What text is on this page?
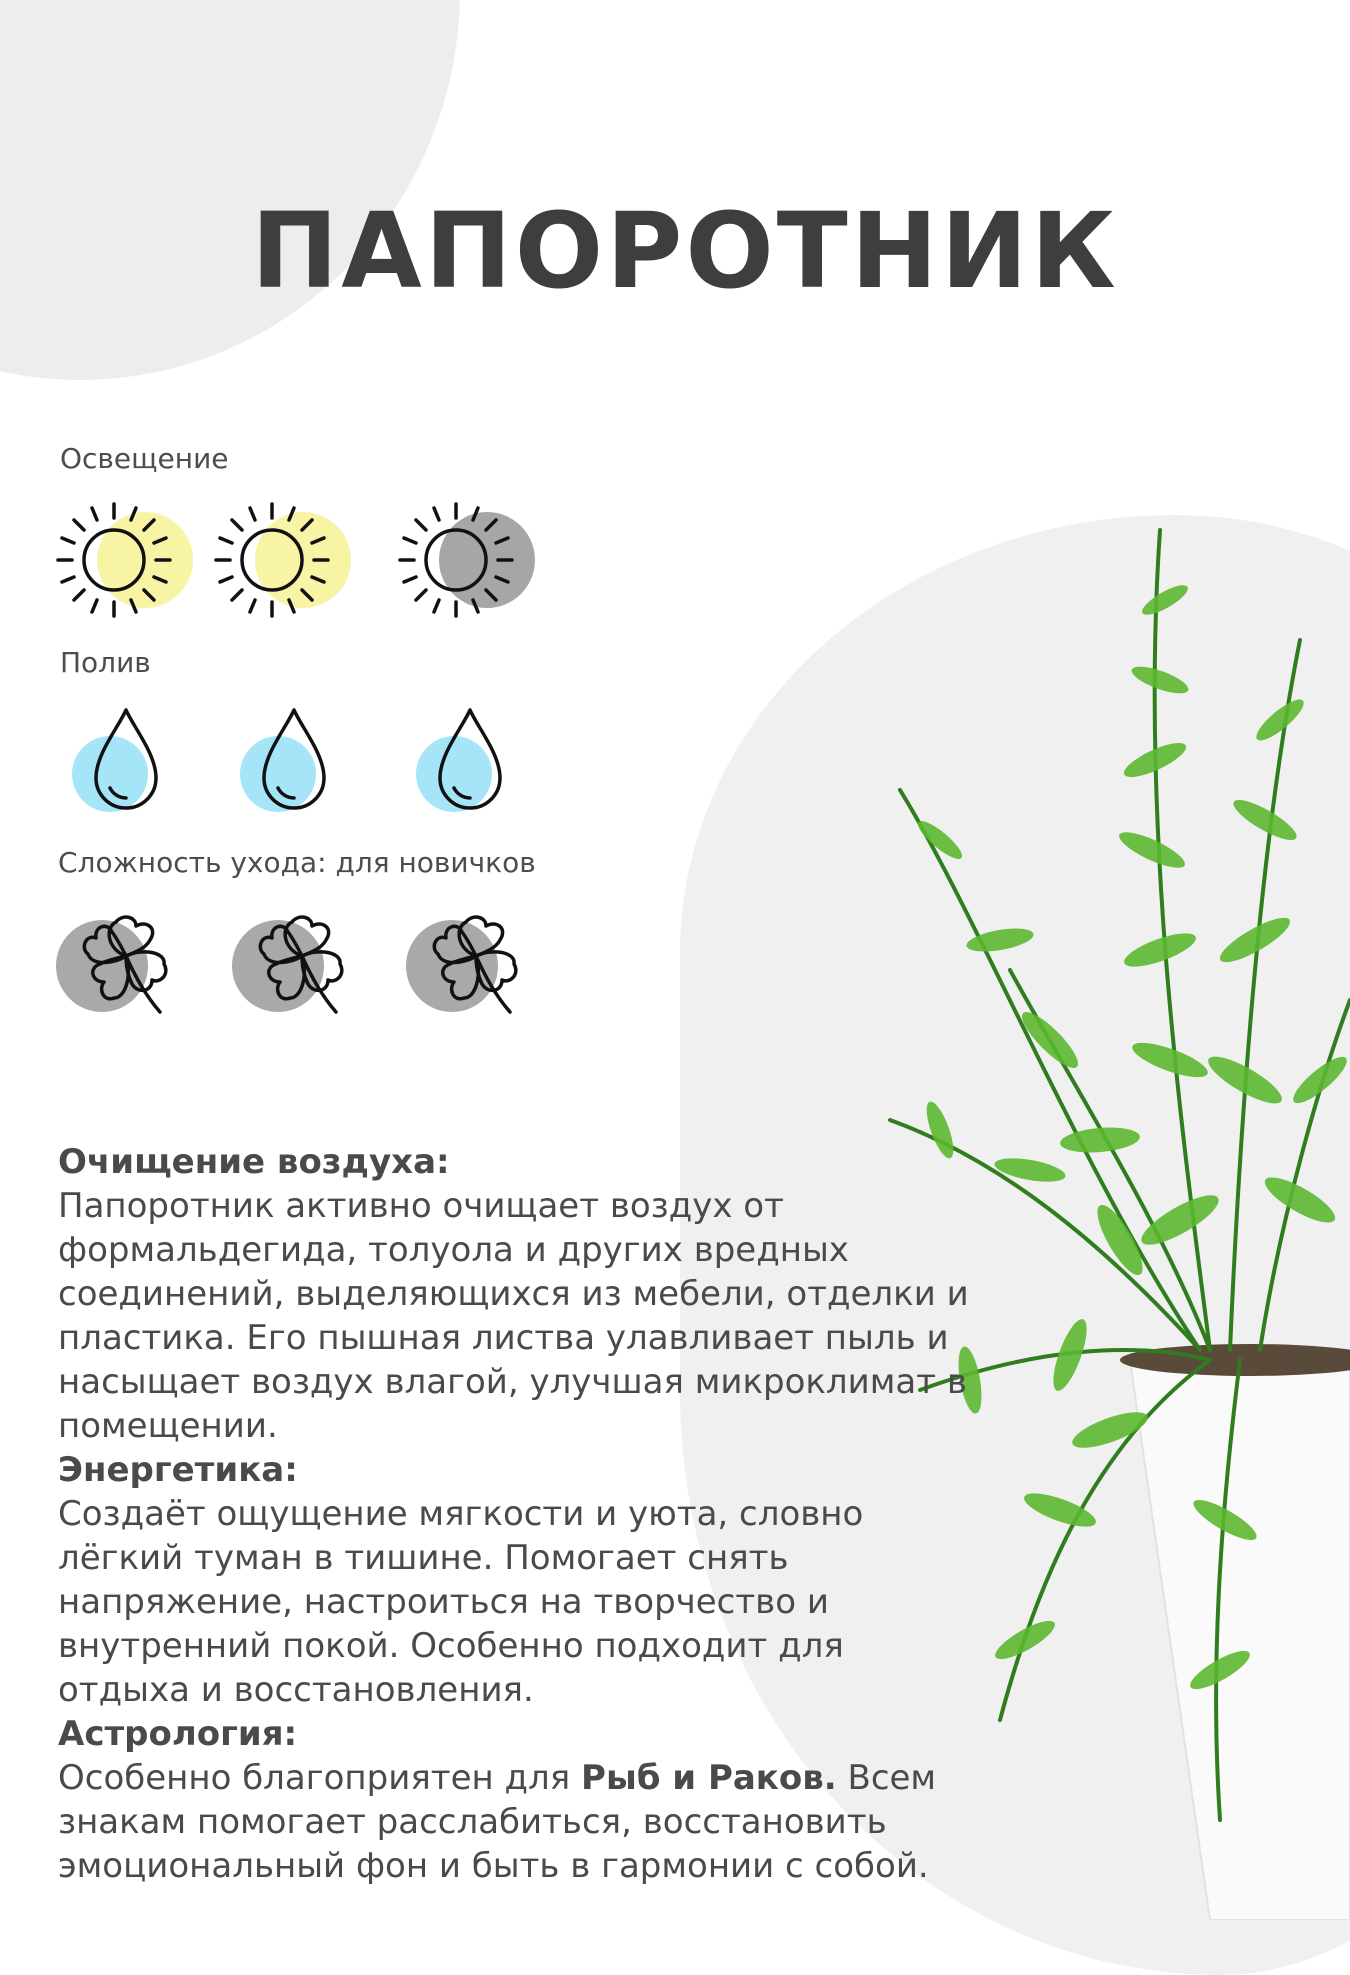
ПАПОРОТНИК
Освещение
Полив
Сложность ухода: для новичков
Очищение воздуха:

Папоротник активно очищает воздух от формальдегида, толуола и других вредных соединений, выделяющихся из мебели, отделки и пластика. Его пышная листва улавливает пыль и насыщает воздух влагой, улучшая микроклимат в помещении.

Энергетика:

Создаёт ощущение мягкости и уюта, словно лёгкий туман в тишине. Помогает снять напряжение, настроиться на творчество и внутренний покой. Особенно подходит для отдыха и восстановления.

Астрология:

Особенно благоприятен для Рыб и Раков. Всем знакам помогает расслабиться, восстановить эмоциональный фон и быть в гармонии с собой.
